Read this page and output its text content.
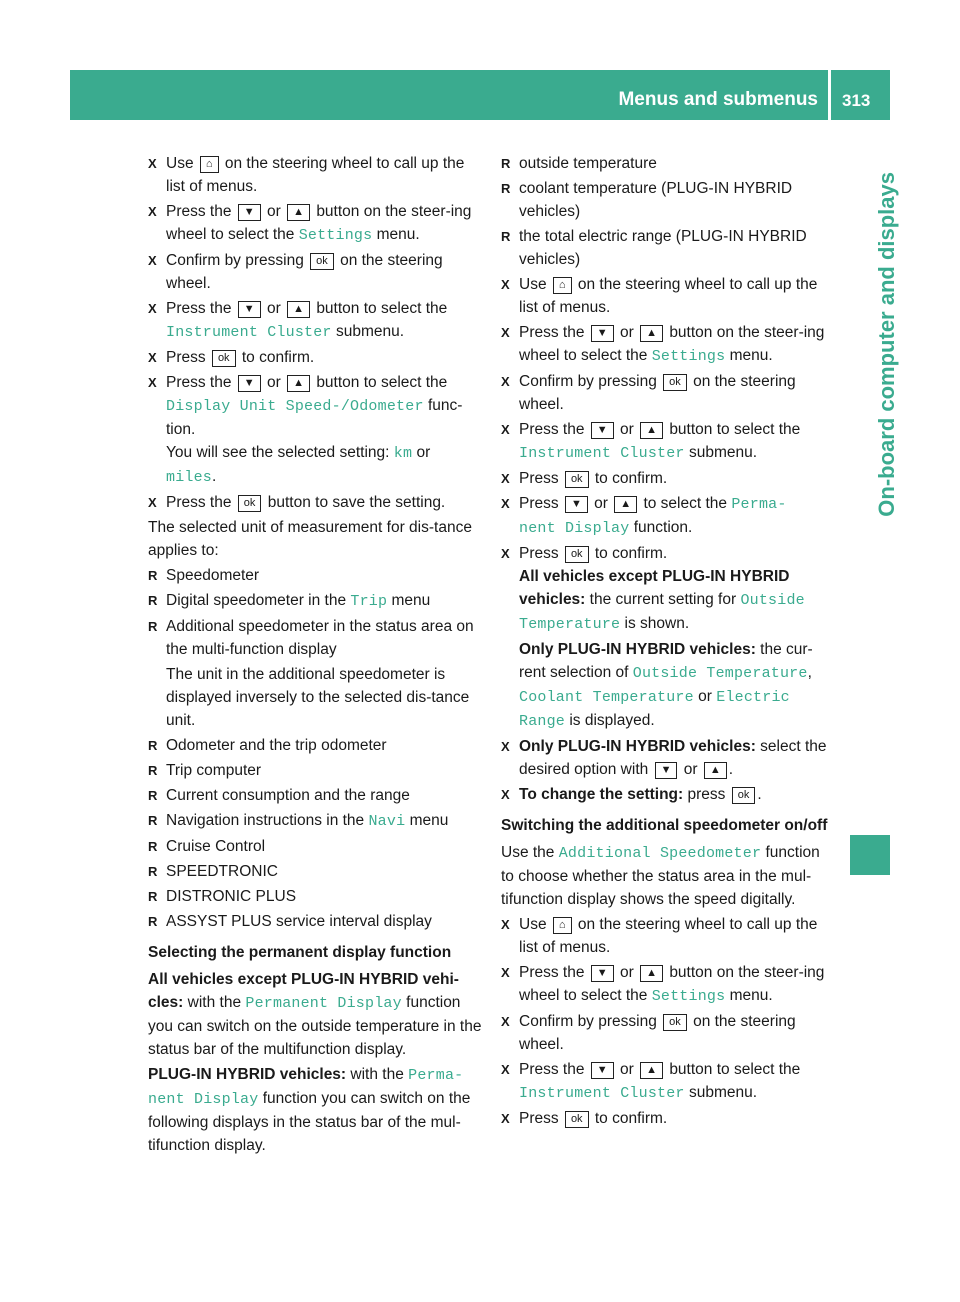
Menus and submenus 313
On-board computer and displays
X Use ⌂ on the steering wheel to call up the list of menus.
X Press the ▼ or ▲ button on the steer-ing wheel to select the Settings menu.
X Confirm by pressing ok on the steering wheel.
X Press the ▼ or ▲ button to select the Instrument Cluster submenu.
X Press ok to confirm.
X Press the ▼ or ▲ button to select the Display Unit Speed-/Odometer func-tion.
You will see the selected setting: km or miles.
X Press the ok button to save the setting.

The selected unit of measurement for dis-tance applies to:

R Speedometer
R Digital speedometer in the Trip menu
R Additional speedometer in the status area on the multi-function display
The unit in the additional speedometer is displayed inversely to the selected dis-tance unit.
R Odometer and the trip odometer
R Trip computer
R Current consumption and the range
R Navigation instructions in the Navi menu
R Cruise Control
R SPEEDTRONIC
R DISTRONIC PLUS
R ASSYST PLUS service interval display
Selecting the permanent display function

All vehicles except PLUG-IN HYBRID vehi-cles: with the Permanent Display function you can switch on the outside temperature in the status bar of the multifunction display.

PLUG-IN HYBRID vehicles: with the Perma‐ nent Display function you can switch on the following displays in the status bar of the mul-tifunction display.

R outside temperature
R coolant temperature (PLUG-IN HYBRID vehicles)
R the total electric range (PLUG-IN HYBRID vehicles)
X Use ⌂ on the steering wheel to call up the list of menus.
X Press the ▼ or ▲ button on the steer-ing wheel to select the Settings menu.
X Confirm by pressing ok on the steering wheel.
X Press the ▼ or ▲ button to select the Instrument Cluster submenu.
X Press ok to confirm.
X Press ▼ or ▲ to select the Perma‐ nent Display function.
X Press ok to confirm.
All vehicles except PLUG-IN HYBRID vehicles: the current setting for Outside Temperature is shown.
Only PLUG-IN HYBRID vehicles: the cur-rent selection of Outside Temperature, Coolant Temperature or Electric Range is displayed.
X Only PLUG-IN HYBRID vehicles: select the desired option with ▼ or ▲ .
X To change the setting: press ok .
Switching the additional speedometer on/off

Use the Additional Speedometer function to choose whether the status area in the mul-tifunction display shows the speed digitally.

X Use ⌂ on the steering wheel to call up the list of menus.
X Press the ▼ or ▲ button on the steer-ing wheel to select the Settings menu.
X Confirm by pressing ok on the steering wheel.
X Press the ▼ or ▲ button to select the Instrument Cluster submenu.
X Press ok to confirm.
